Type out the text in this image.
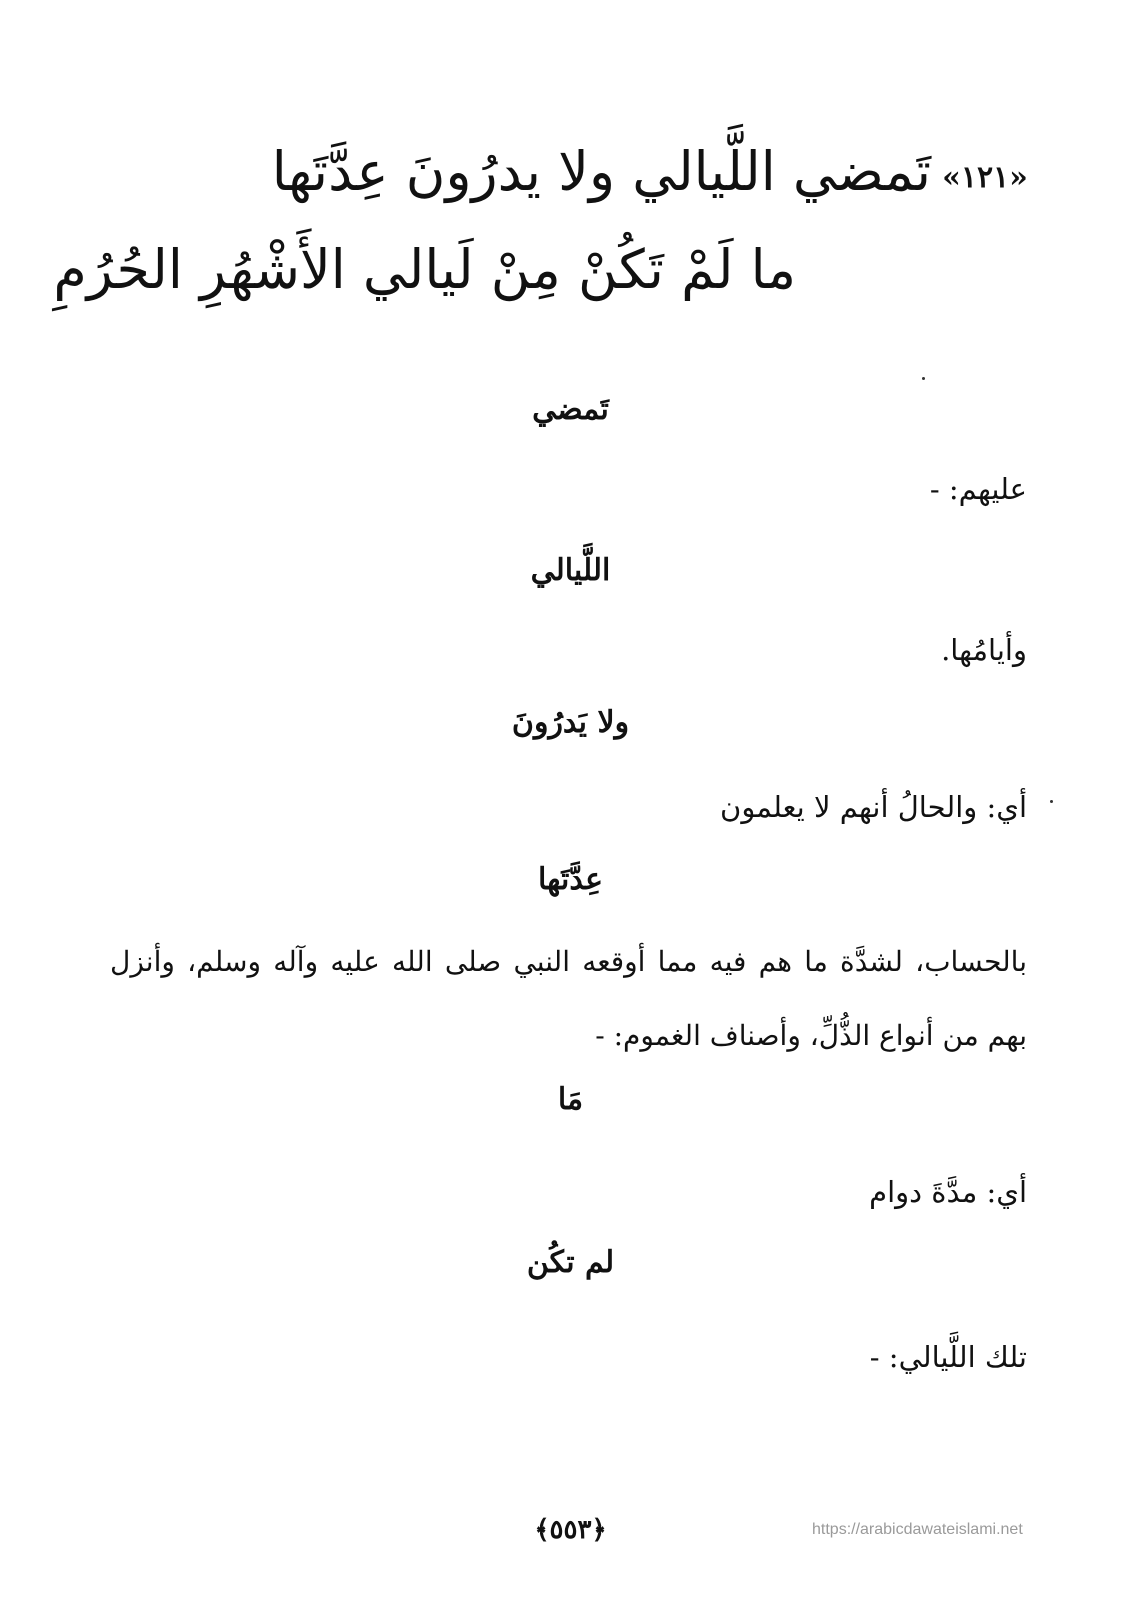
«١٢١»
تَمضي اللَّيالي ولا يدرُونَ عِدَّتَها
ما لَمْ تَكُنْ مِنْ لَيالي الأَشْهُرِ الحُرُمِ
تَمضي
عليهم: -
اللَّيالي
وأيامُها.
ولا يَدرُونَ
أي: والحالُ أنهم لا يعلمون
عِدَّتَها
بالحساب، لشدَّة ما هم فيه مما أوقعه النبي صلى الله عليه وآله وسلم، وأنزل بهم من أنواع الذُّلِّ، وأصناف الغموم: -
مَا
أي: مدَّةَ دوام
لم تكُن
تلك اللَّيالي: -
﴿٥٥٣﴾	https://arabicdawateislami.net
